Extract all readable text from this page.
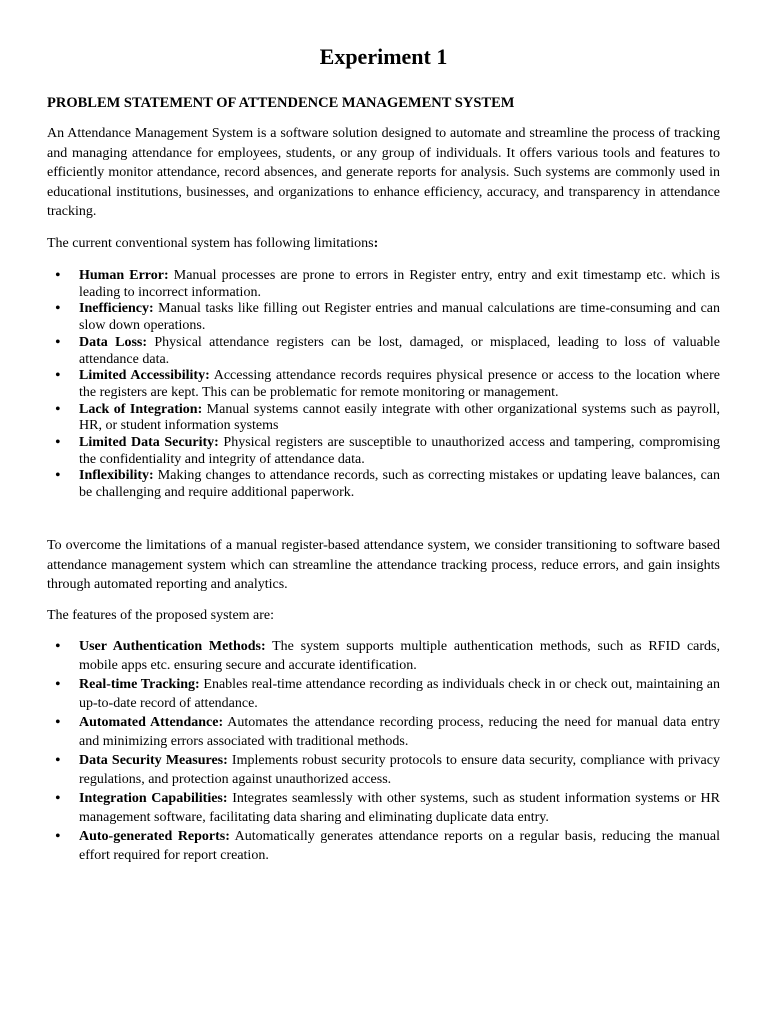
Experiment 1
PROBLEM STATEMENT OF ATTENDENCE MANAGEMENT SYSTEM

An Attendance Management System is a software solution designed to automate and streamline the process of tracking and managing attendance for employees, students, or any group of individuals. It offers various tools and features to efficiently monitor attendance, record absences, and generate reports for analysis. Such systems are commonly used in educational institutions, businesses, and organizations to enhance efficiency, accuracy, and transparency in attendance tracking.

The current conventional system has following limitations:

• Human Error: Manual processes are prone to errors in Register entry, entry and exit timestamp etc. which is leading to incorrect information.
• Inefficiency: Manual tasks like filling out Register entries and manual calculations are time-consuming and can slow down operations.
• Data Loss: Physical attendance registers can be lost, damaged, or misplaced, leading to loss of valuable attendance data.
• Limited Accessibility: Accessing attendance records requires physical presence or access to the location where the registers are kept. This can be problematic for remote monitoring or management.
• Lack of Integration: Manual systems cannot easily integrate with other organizational systems such as payroll, HR, or student information systems
• Limited Data Security: Physical registers are susceptible to unauthorized access and tampering, compromising the confidentiality and integrity of attendance data.
• Inflexibility: Making changes to attendance records, such as correcting mistakes or updating leave balances, can be challenging and require additional paperwork.

To overcome the limitations of a manual register-based attendance system, we consider transitioning to software based attendance management system which can streamline the attendance tracking process, reduce errors, and gain insights through automated reporting and analytics.

The features of the proposed system are:

• User Authentication Methods: The system supports multiple authentication methods, such as RFID cards, mobile apps etc. ensuring secure and accurate identification.
• Real-time Tracking: Enables real-time attendance recording as individuals check in or check out, maintaining an up-to-date record of attendance.
• Automated Attendance: Automates the attendance recording process, reducing the need for manual data entry and minimizing errors associated with traditional methods.
• Data Security Measures: Implements robust security protocols to ensure data security, compliance with privacy regulations, and protection against unauthorized access.
• Integration Capabilities: Integrates seamlessly with other systems, such as student information systems or HR management software, facilitating data sharing and eliminating duplicate data entry.
• Auto-generated Reports: Automatically generates attendance reports on a regular basis, reducing the manual effort required for report creation.
